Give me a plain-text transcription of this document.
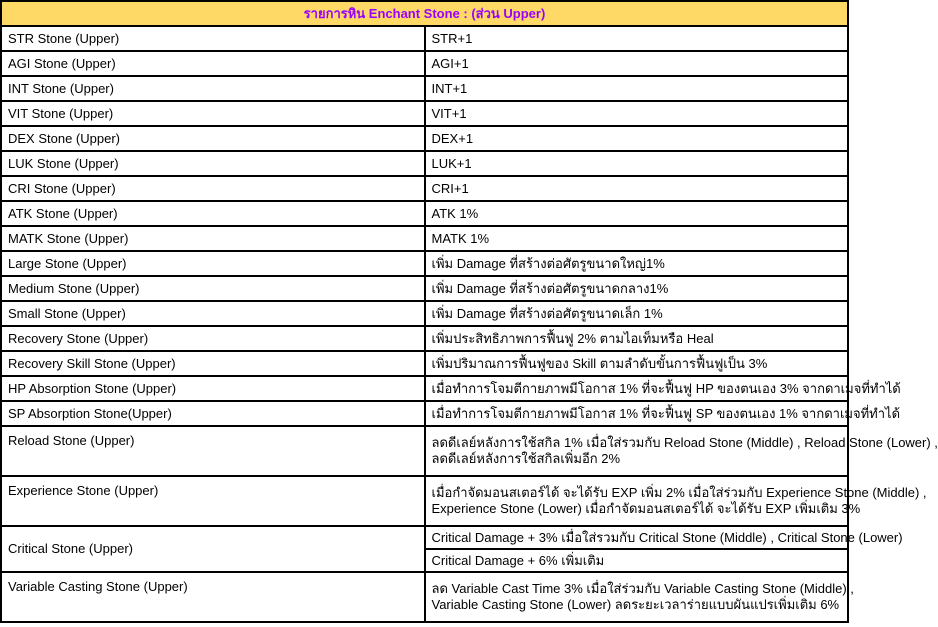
รายการหิน Enchant Stone : (ส่วน Upper)	
STR Stone (Upper)	STR+1
AGI Stone (Upper)	AGI+1
INT Stone (Upper)	INT+1
VIT Stone (Upper)	VIT+1
DEX Stone (Upper)	DEX+1
LUK Stone (Upper)	LUK+1
CRI Stone (Upper)	CRI+1
ATK Stone (Upper)	ATK 1%
MATK Stone (Upper)	MATK 1%
Large Stone (Upper)	เพิ่ม Damage ที่สร้างต่อศัตรูขนาดใหญ่1%
Medium Stone (Upper)	เพิ่ม Damage ที่สร้างต่อศัตรูขนาดกลาง1%
Small Stone (Upper)	เพิ่ม Damage ที่สร้างต่อศัตรูขนาดเล็ก 1%
Recovery Stone (Upper)	เพิ่มประสิทธิภาพการฟื้นฟู 2% ตามไอเท็มหรือ Heal
Recovery Skill Stone (Upper)	เพิ่มปริมาณการฟื้นฟูของ Skill ตามลำดับขั้นการฟื้นฟูเป็น 3%
HP Absorption Stone (Upper)	เมื่อทำการโจมตีกายภาพมีโอกาส 1% ที่จะฟื้นฟู HP ของตนเอง 3% จากดาเมจที่ทำได้
SP Absorption Stone(Upper)	เมื่อทำการโจมตีกายภาพมีโอกาส 1% ที่จะฟื้นฟู SP ของตนเอง 1% จากดาเมจที่ทำได้
Reload Stone (Upper)	ลดดีเลย์หลังการใช้สกิล 1% เมื่อใส่รวมกับ Reload Stone (Middle) , Reload Stone (Lower) ,
ลดดีเลย์หลังการใช้สกิลเพิ่มอีก 2%

Experience Stone (Upper)	เมื่อกำจัดมอนสเตอร์ได้ จะได้รับ EXP เพิ่ม 2% เมื่อใส่ร่วมกับ Experience Stone (Middle) ,
Experience Stone (Lower) เมื่อกำจัดมอนสเตอร์ได้ จะได้รับ EXP เพิ่มเติม 3%

Critical Stone (Upper)	Critical Damage + 3% เมื่อใส่รวมกับ Critical Stone (Middle) , Critical Stone (Lower)
	Critical Damage + 6% เพิ่มเติม
Variable Casting Stone (Upper)	ลด Variable Cast Time 3% เมื่อใส่ร่วมกับ Variable Casting Stone (Middle) ,
Variable Casting Stone (Lower) ลดระยะเวลาร่ายแบบผันแปรเพิ่มเติม 6%
